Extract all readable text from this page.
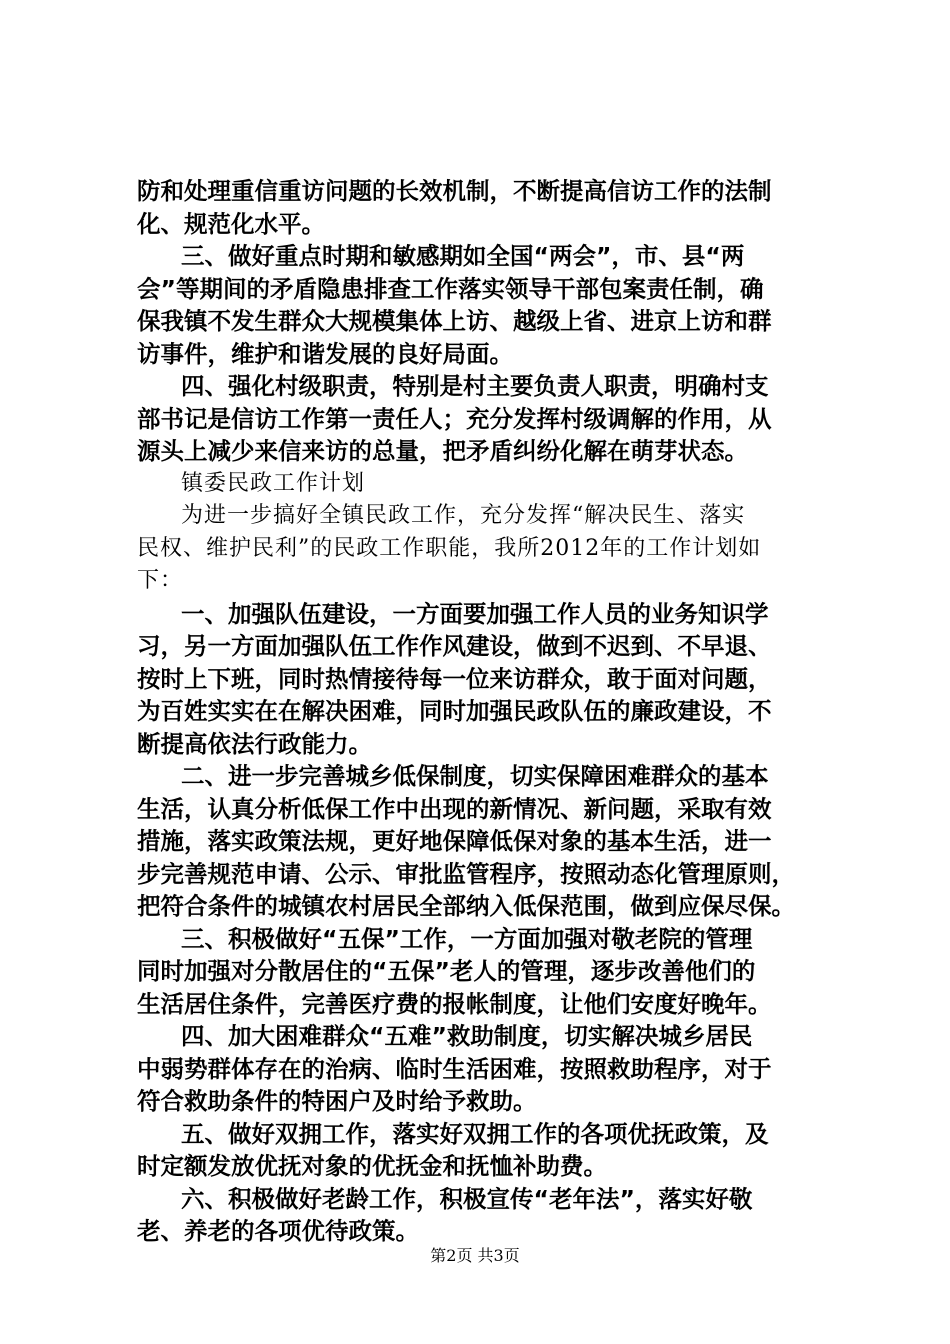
防和处理重信重访问题的长效机制，不断提高信访工作的法制
化、规范化水平。
三、做好重点时期和敏感期如全国“两会”，市、县“两
会”等期间的矛盾隐患排查工作落实领导干部包案责任制，确
保我镇不发生群众大规模集体上访、越级上省、进京上访和群
访事件，维护和谐发展的良好局面。
四、强化村级职责，特别是村主要负责人职责，明确村支
部书记是信访工作第一责任人；充分发挥村级调解的作用，从
源头上减少来信来访的总量，把矛盾纠纷化解在萌芽状态。
镇委民政工作计划
为进一步搞好全镇民政工作，充分发挥“解决民生、落实
民权、维护民利”的民政工作职能，我所2012年的工作计划如
下：
一、加强队伍建设，一方面要加强工作人员的业务知识学
习，另一方面加强队伍工作作风建设，做到不迟到、不早退、
按时上下班，同时热情接待每一位来访群众，敢于面对问题，
为百姓实实在在解决困难，同时加强民政队伍的廉政建设，不
断提高依法行政能力。
二、进一步完善城乡低保制度，切实保障困难群众的基本
生活，认真分析低保工作中出现的新情况、新问题，采取有效
措施，落实政策法规，更好地保障低保对象的基本生活，进一
步完善规范申请、公示、审批监管程序，按照动态化管理原则，
把符合条件的城镇农村居民全部纳入低保范围，做到应保尽保。
三、积极做好“五保”工作，一方面加强对敬老院的管理
同时加强对分散居住的“五保”老人的管理，逐步改善他们的
生活居住条件，完善医疗费的报帐制度，让他们安度好晚年。
四、加大困难群众“五难”救助制度，切实解决城乡居民
中弱势群体存在的治病、临时生活困难，按照救助程序，对于
符合救助条件的特困户及时给予救助。
五、做好双拥工作，落实好双拥工作的各项优抚政策，及
时定额发放优抚对象的优抚金和抚恤补助费。
六、积极做好老龄工作，积极宣传“老年法”，落实好敬
老、养老的各项优待政策。
第2页 共3页
